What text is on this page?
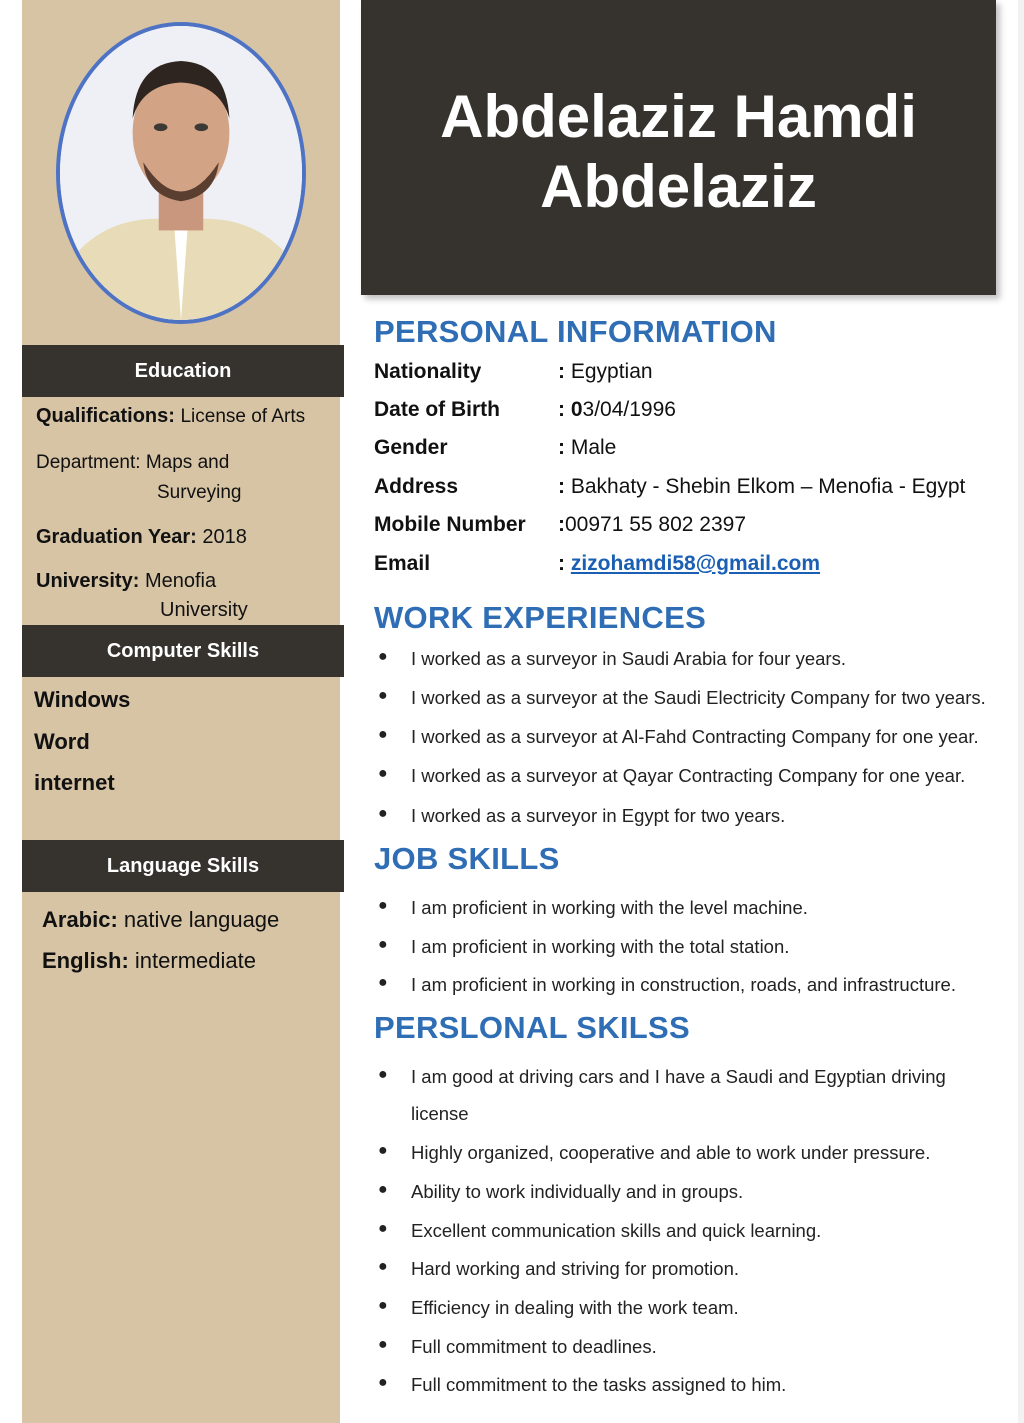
Education
Qualifications: License of Arts
Department: Maps and
Surveying
Graduation Year: 2018
University: Menofia
University
Computer Skills
Windows
Word
internet
Language Skills
Arabic: native language
English: intermediate
Abdelaziz Hamdi
Abdelaziz
PERSONAL INFORMATION
Nationality	: Egyptian
Date of Birth	: 0 3/04/1996
Gender	: Male
Address	: Bakhaty - Shebin Elkom – Menofia - Egypt
Mobile Number	: 00971 55 802 2397
Email	: zizohamdi58@gmail.com
WORK EXPERIENCES
●	I worked as a surveyor in Saudi Arabia for four years.
●	I worked as a surveyor at the Saudi Electricity Company for two years.
●	I worked as a surveyor at Al-Fahd Contracting Company for one year.
●	I worked as a surveyor at Qayar Contracting Company for one year.
●	I worked as a surveyor in Egypt for two years.
JOB SKILLS
●	I am proficient in working with the level machine.
●	I am proficient in working with the total station.
●	I am proficient in working in construction, roads, and infrastructure.
PERSLONAL SKILSS
●	I am good at driving cars and I have a Saudi and Egyptian driving
license
●	Highly organized, cooperative and able to work under pressure.
●	Ability to work individually and in groups.
●	Excellent communication skills and quick learning.
●	Hard working and striving for promotion.
●	Efficiency in dealing with the work team.
●	Full commitment to deadlines.
●	Full commitment to the tasks assigned to him.
